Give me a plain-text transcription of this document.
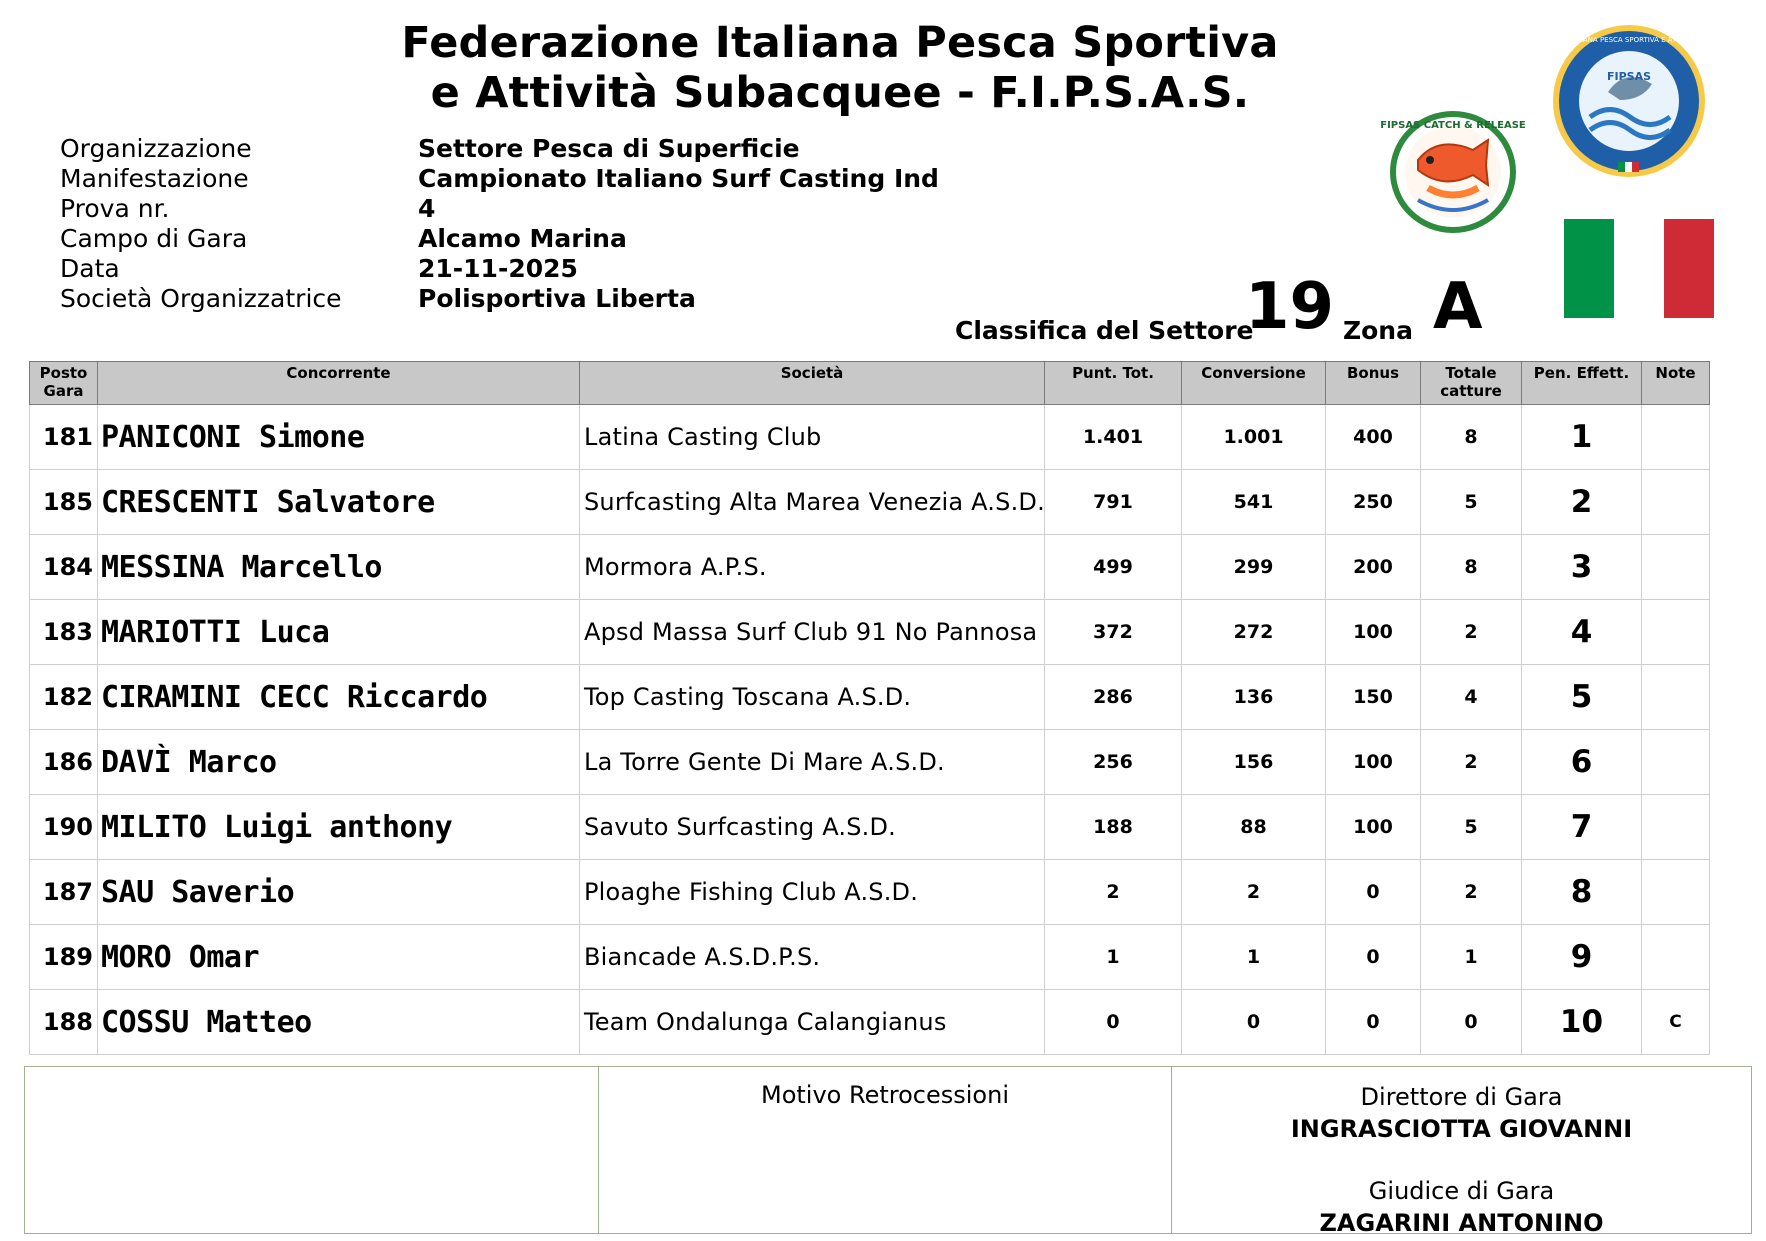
Federazione Italiana Pesca Sportiva
e Attività Subacquee - F.I.P.S.A.S.
Organizzazione	Settore Pesca di Superficie
Manifestazione	Campionato Italiano Surf Casting Ind
Prova nr.	4
Campo di Gara	Alcamo Marina
Data	21-11-2025
Società Organizzatrice	Polisportiva Liberta
Classifica del Settore
19 Zona A
FIPSAS CATCH & RELEASE
FIPSAS
FEDERAZIONE ITALIANA PESCA SPORTIVA E ATTIVITÀ SUBACQUEE
Posto Gara	Concorrente	Società	Punt. Tot.	Conversione	Bonus	Totale catture	Pen. Effett.	Note
181	PANICONI Simone	Latina Casting Club	1.401	1.001	400	8	1	
185	CRESCENTI Salvatore	Surfcasting Alta Marea Venezia A.S.D.	791	541	250	5	2	
184	MESSINA Marcello	Mormora A.P.S.	499	299	200	8	3	
183	MARIOTTI Luca	Apsd Massa Surf Club 91 No Pannosa	372	272	100	2	4	
182	CIRAMINI CECC Riccardo	Top Casting Toscana A.S.D.	286	136	150	4	5	
186	DAVÌ Marco	La Torre Gente Di Mare A.S.D.	256	156	100	2	6	
190	MILITO Luigi anthony	Savuto Surfcasting A.S.D.	188	88	100	5	7	
187	SAU Saverio	Ploaghe Fishing Club A.S.D.	2	2	0	2	8	
189	MORO Omar	Biancade A.S.D.P.S.	1	1	0	1	9	
188	COSSU Matteo	Team Ondalunga Calangianus	0	0	0	0	10	C
Motivo Retrocessioni	Direttore di Gara
INGRASCIOTTA GIOVANNI
Giudice di Gara
ZAGARINI ANTONINO
